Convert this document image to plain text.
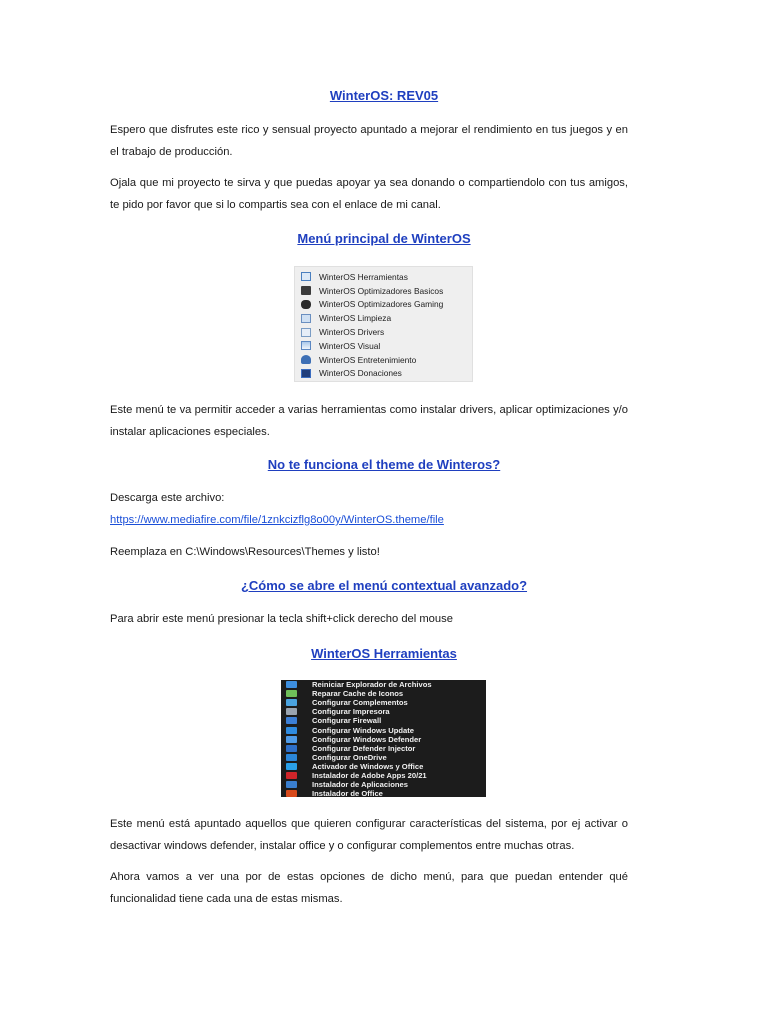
WinterOS: REV05

Espero que disfrutes este rico y sensual proyecto apuntado a mejorar el rendimiento en tus juegos y en el trabajo de producción.

Ojala que mi proyecto te sirva y que puedas apoyar ya sea donando o compartiendolo con tus amigos, te pido por favor que si lo compartis sea con el enlace de mi canal.

Menú principal de WinterOS
WinterOS Herramientas
WinterOS Optimizadores Basicos
WinterOS Optimizadores Gaming
WinterOS Limpieza
WinterOS Drivers
WinterOS Visual
WinterOS Entretenimiento
WinterOS Donaciones

Este menú te va permitir acceder a varias herramientas como instalar drivers, aplicar optimizaciones y/o instalar aplicaciones especiales.

No te funciona el theme de Winteros?

Descarga este archivo:

https://www.mediafire.com/file/1znkcizflg8o00y/WinterOS.theme/file

Reemplaza en C:\Windows\Resources\Themes y listo!

¿Cómo se abre el menú contextual avanzado?

Para abrir este menú presionar la tecla shift+click derecho del mouse

WinterOS Herramientas
Reiniciar Explorador de Archivos
Reparar Cache de Iconos
Configurar Complementos
Configurar Impresora
Configurar Firewall
Configurar Windows Update
Configurar Windows Defender
Configurar Defender Injector
Configurar OneDrive
Activador de Windows y Office
Instalador de Adobe Apps 20/21
Instalador de Aplicaciones
Instalador de Office

Este menú está apuntado aquellos que quieren configurar características del sistema, por ej activar o desactivar windows defender, instalar office y o configurar complementos entre muchas otras.

Ahora vamos a ver una por de estas opciones de dicho menú, para que puedan entender qué funcionalidad tiene cada una de estas mismas.
